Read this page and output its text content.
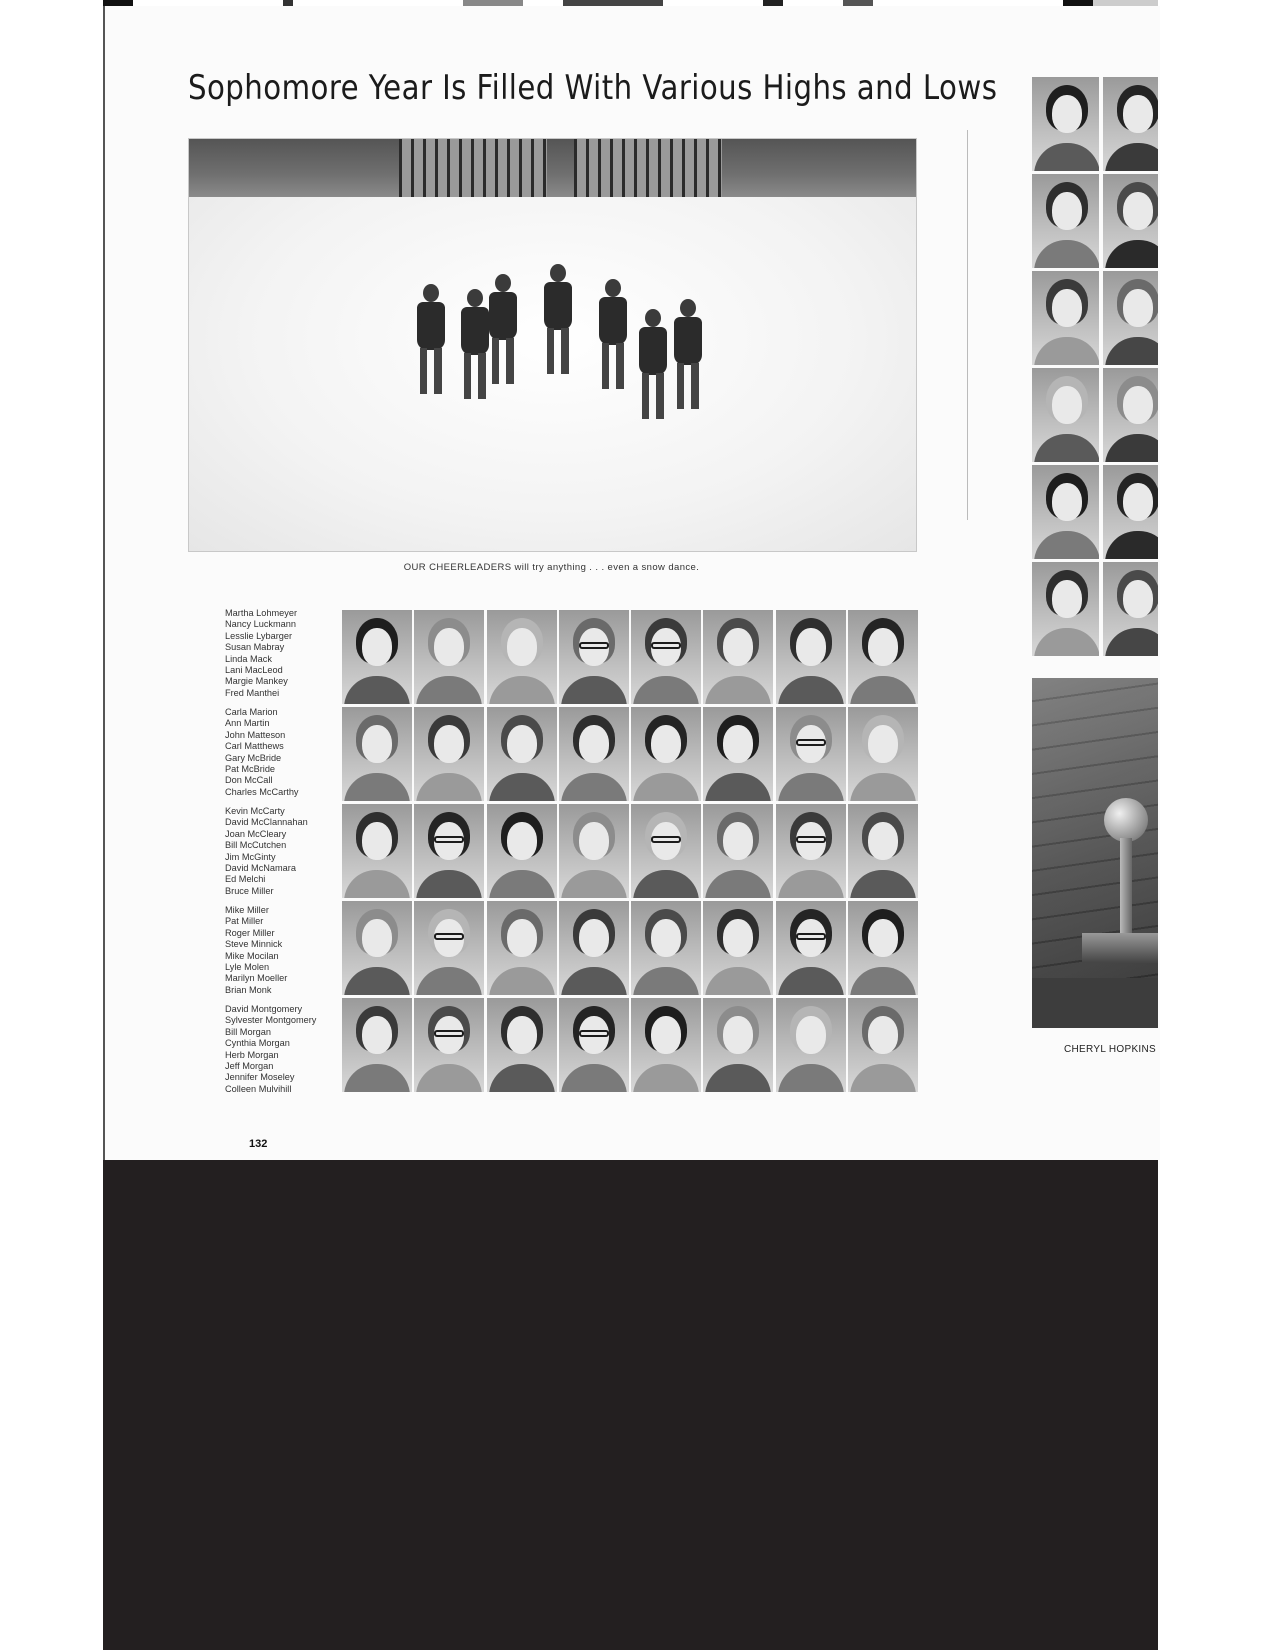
Sophomore Year Is Filled With Various Highs and Lows
OUR CHEERLEADERS will try anything . . . even a snow dance.
Martha Lohmeyer
Nancy Luckmann
Lesslie Lybarger
Susan Mabray
Linda Mack
Lani MacLeod
Margie Mankey
Fred Manthei
Carla Marion
Ann Martin
John Matteson
Carl Matthews
Gary McBride
Pat McBride
Don McCall
Charles McCarthy
Kevin McCarty
David McClannahan
Joan McCleary
Bill McCutchen
Jim McGinty
David McNamara
Ed Melchi
Bruce Miller
Mike Miller
Pat Miller
Roger Miller
Steve Minnick
Mike Mocilan
Lyle Molen
Marilyn Moeller
Brian Monk
David Montgomery
Sylvester Montgomery
Bill Morgan
Cynthia Morgan
Herb Morgan
Jeff Morgan
Jennifer Moseley
Colleen Mulvihill
132
CHERYL HOPKINS
